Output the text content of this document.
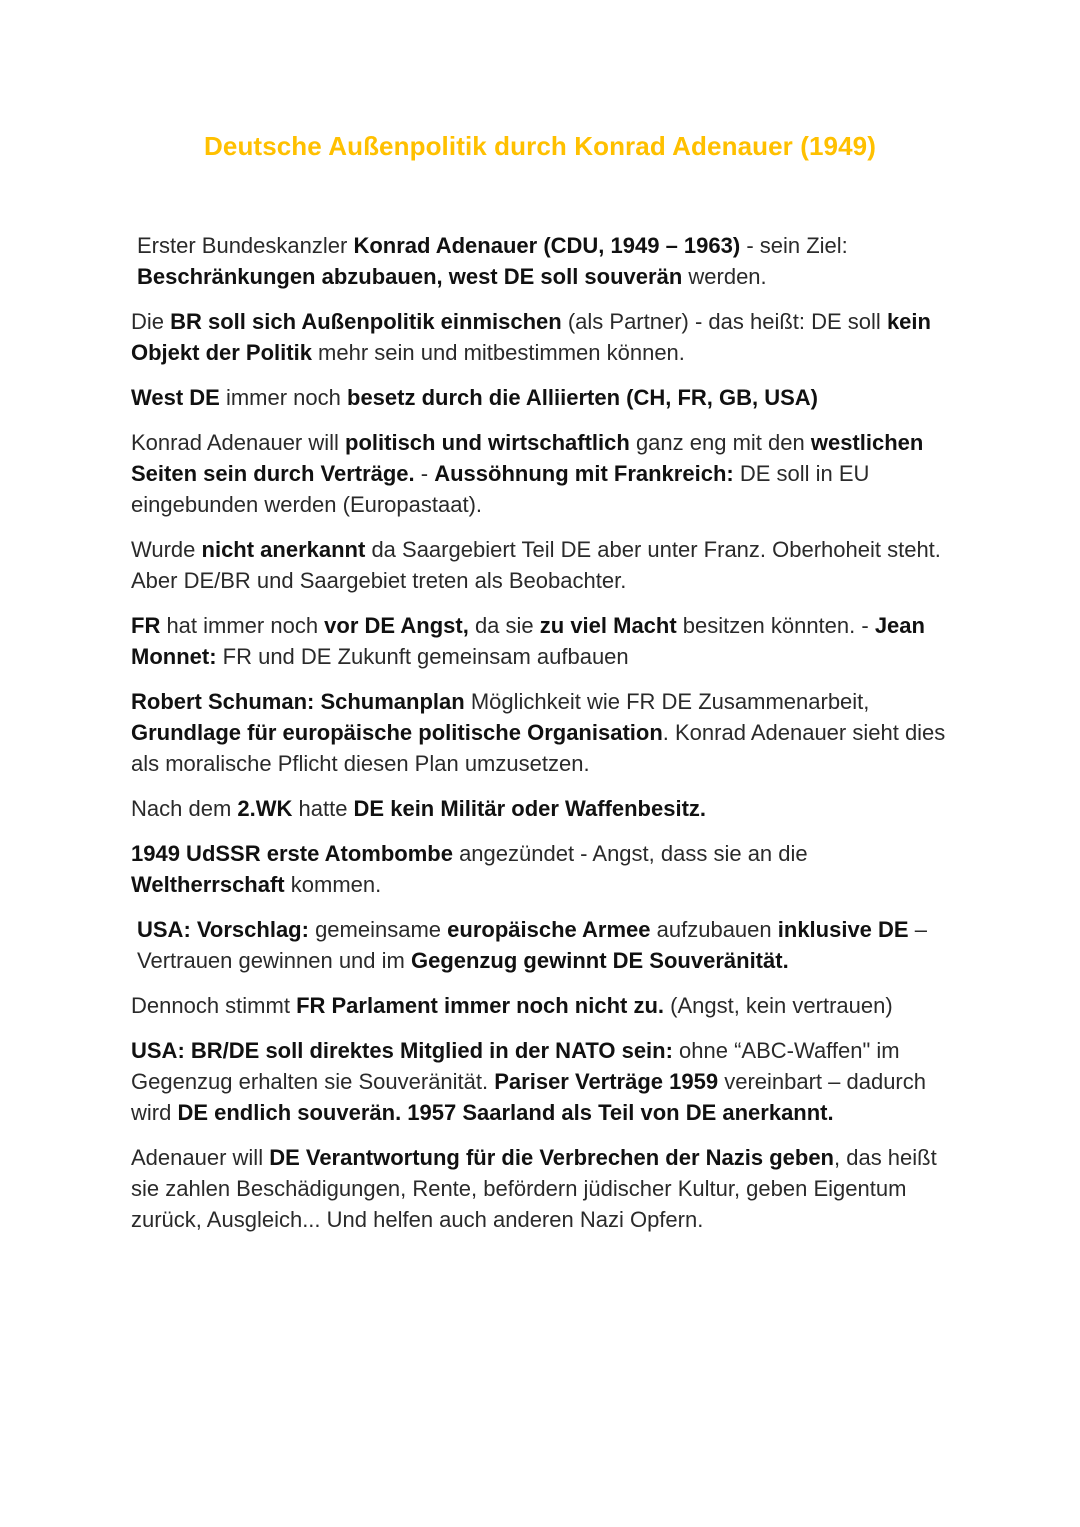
Deutsche Außenpolitik durch Konrad Adenauer (1949)

Erster Bundeskanzler Konrad Adenauer (CDU, 1949 – 1963) - sein Ziel: Beschränkungen abzubauen, west DE soll souverän werden.

Die BR soll sich Außenpolitik einmischen (als Partner) - das heißt: DE soll kein Objekt der Politik mehr sein und mitbestimmen können.

West DE immer noch besetz durch die Alliierten (CH, FR, GB, USA)

Konrad Adenauer will politisch und wirtschaftlich ganz eng mit den westlichen Seiten sein durch Verträge. - Aussöhnung mit Frankreich: DE soll in EU eingebunden werden (Europastaat).

Wurde nicht anerkannt da Saargebiert Teil DE aber unter Franz. Oberhoheit steht. Aber DE/BR und Saargebiet treten als Beobachter.

FR hat immer noch vor DE Angst, da sie zu viel Macht besitzen könnten. - Jean Monnet: FR und DE Zukunft gemeinsam aufbauen

Robert Schuman: Schumanplan Möglichkeit wie FR DE Zusammenarbeit, Grundlage für europäische politische Organisation. Konrad Adenauer sieht dies als moralische Pflicht diesen Plan umzusetzen.

Nach dem 2.WK hatte DE kein Militär oder Waffenbesitz.

1949 UdSSR erste Atombombe angezündet - Angst, dass sie an die Weltherrschaft kommen.

USA: Vorschlag: gemeinsame europäische Armee aufzubauen inklusive DE – Vertrauen gewinnen und im Gegenzug gewinnt DE Souveränität.

Dennoch stimmt FR Parlament immer noch nicht zu. (Angst, kein vertrauen)

USA: BR/DE soll direktes Mitglied in der NATO sein: ohne “ABC-Waffen" im Gegenzug erhalten sie Souveränität. Pariser Verträge 1959 vereinbart – dadurch wird DE endlich souverän. 1957 Saarland als Teil von DE anerkannt.

Adenauer will DE Verantwortung für die Verbrechen der Nazis geben, das heißt sie zahlen Beschädigungen, Rente, befördern jüdischer Kultur, geben Eigentum zurück, Ausgleich... Und helfen auch anderen Nazi Opfern.
